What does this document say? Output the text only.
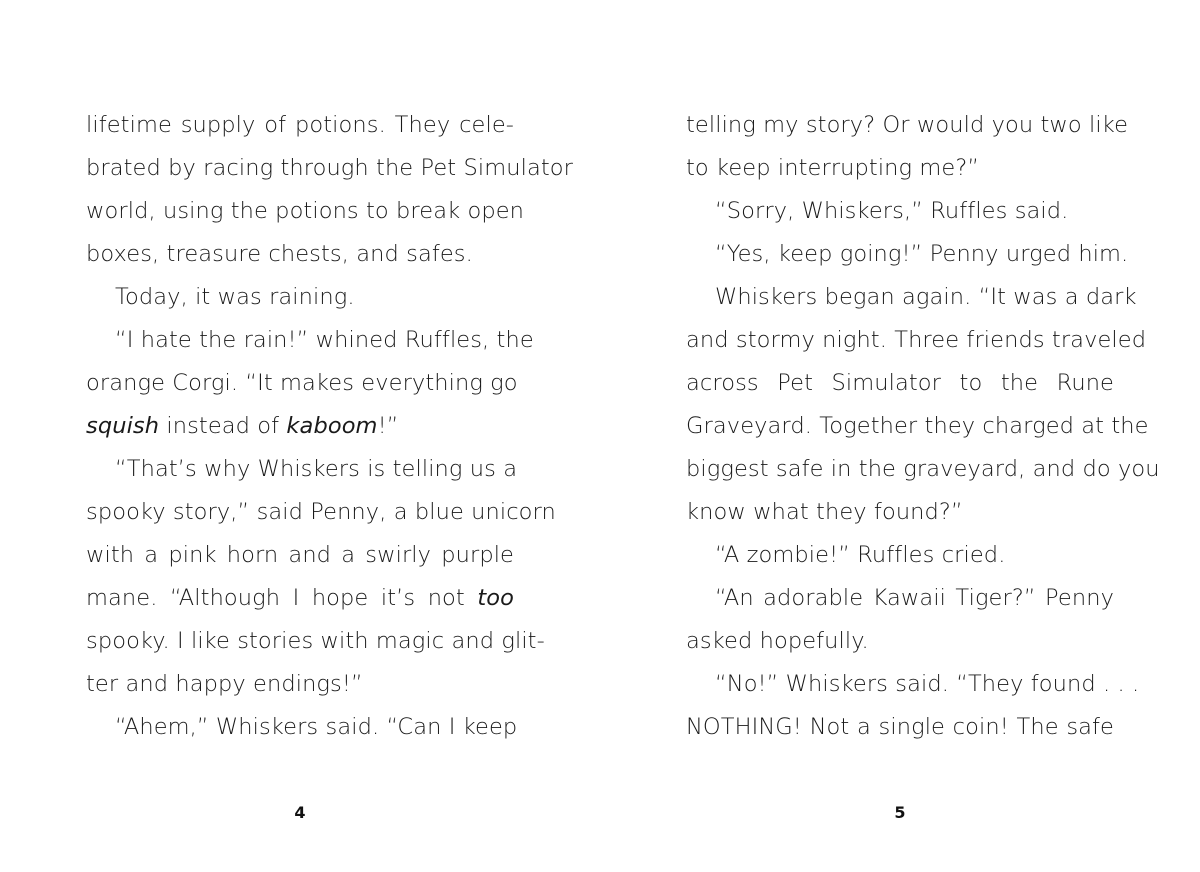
lifetime supply of potions. They cele-
brated by racing through the Pet Simulator
world, using the potions to break open
boxes, treasure chests, and safes.
Today, it was raining.
“I hate the rain!” whined Ruffles, the
orange Corgi. “It makes everything go
squish instead of kaboom!”
“That’s why Whiskers is telling us a
spooky story,” said Penny, a blue unicorn
with a pink horn and a swirly purple
mane. “Although I hope it’s not too
spooky. I like stories with magic and glit-
ter and happy endings!”
“Ahem,” Whiskers said. “Can I keep
telling my story? Or would you two like
to keep interrupting me?”
“Sorry, Whiskers,” Ruffles said.
“Yes, keep going!” Penny urged him.
Whiskers began again. “It was a dark
and stormy night. Three friends traveled
across Pet Simulator to the Rune
Graveyard. Together they charged at the
biggest safe in the graveyard, and do you
know what they found?”
“A zombie!” Ruffles cried.
“An adorable Kawaii Tiger?” Penny
asked hopefully.
“No!” Whiskers said. “They found . . .
NOTHING! Not a single coin! The safe
4	5
